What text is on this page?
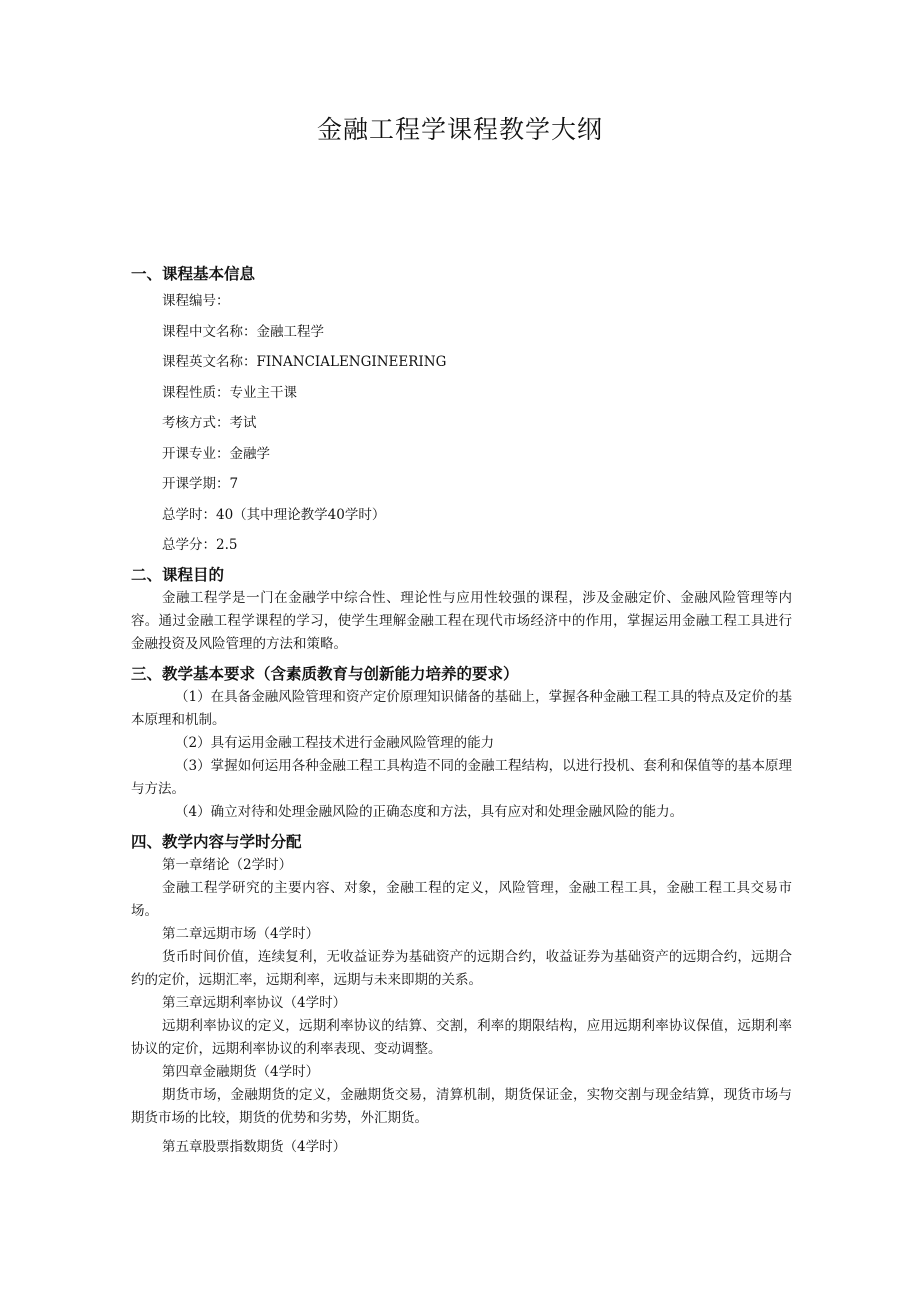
金融工程学课程教学大纲
一、课程基本信息
课程编号：
课程中文名称：金融工程学
课程英文名称：FINANCIALENGINEERING
课程性质：专业主干课
考核方式：考试
开课专业：金融学
开课学期：7
总学时：40（其中理论教学40学时）
总学分：2.5
二、课程目的

金融工程学是一门在金融学中综合性、理论性与应用性较强的课程，涉及金融定价、金融风险管理等内容。通过金融工程学课程的学习，使学生理解金融工程在现代市场经济中的作用，掌握运用金融工程工具进行金融投资及风险管理的方法和策略。

三、教学基本要求（含素质教育与创新能力培养的要求）

（1）在具备金融风险管理和资产定价原理知识储备的基础上，掌握各种金融工程工具的特点及定价的基本原理和机制。

（2）具有运用金融工程技术进行金融风险管理的能力

（3）掌握如何运用各种金融工程工具构造不同的金融工程结构，以进行投机、套利和保值等的基本原理与方法。

（4）确立对待和处理金融风险的正确态度和方法，具有应对和处理金融风险的能力。

四、教学内容与学时分配

第一章绪论（2学时）

金融工程学研究的主要内容、对象，金融工程的定义，风险管理，金融工程工具，金融工程工具交易市场。

第二章远期市场（4学时）

货币时间价值，连续复利，无收益证券为基础资产的远期合约，收益证券为基础资产的远期合约，远期合约的定价，远期汇率，远期利率，远期与未来即期的关系。

第三章远期利率协议（4学时）

远期利率协议的定义，远期利率协议的结算、交割，利率的期限结构，应用远期利率协议保值，远期利率协议的定价，远期利率协议的利率表现、变动调整。

第四章金融期货（4学时）

期货市场，金融期货的定义，金融期货交易，清算机制，期货保证金，实物交割与现金结算，现货市场与期货市场的比较，期货的优势和劣势，外汇期货。

第五章股票指数期货（4学时）
